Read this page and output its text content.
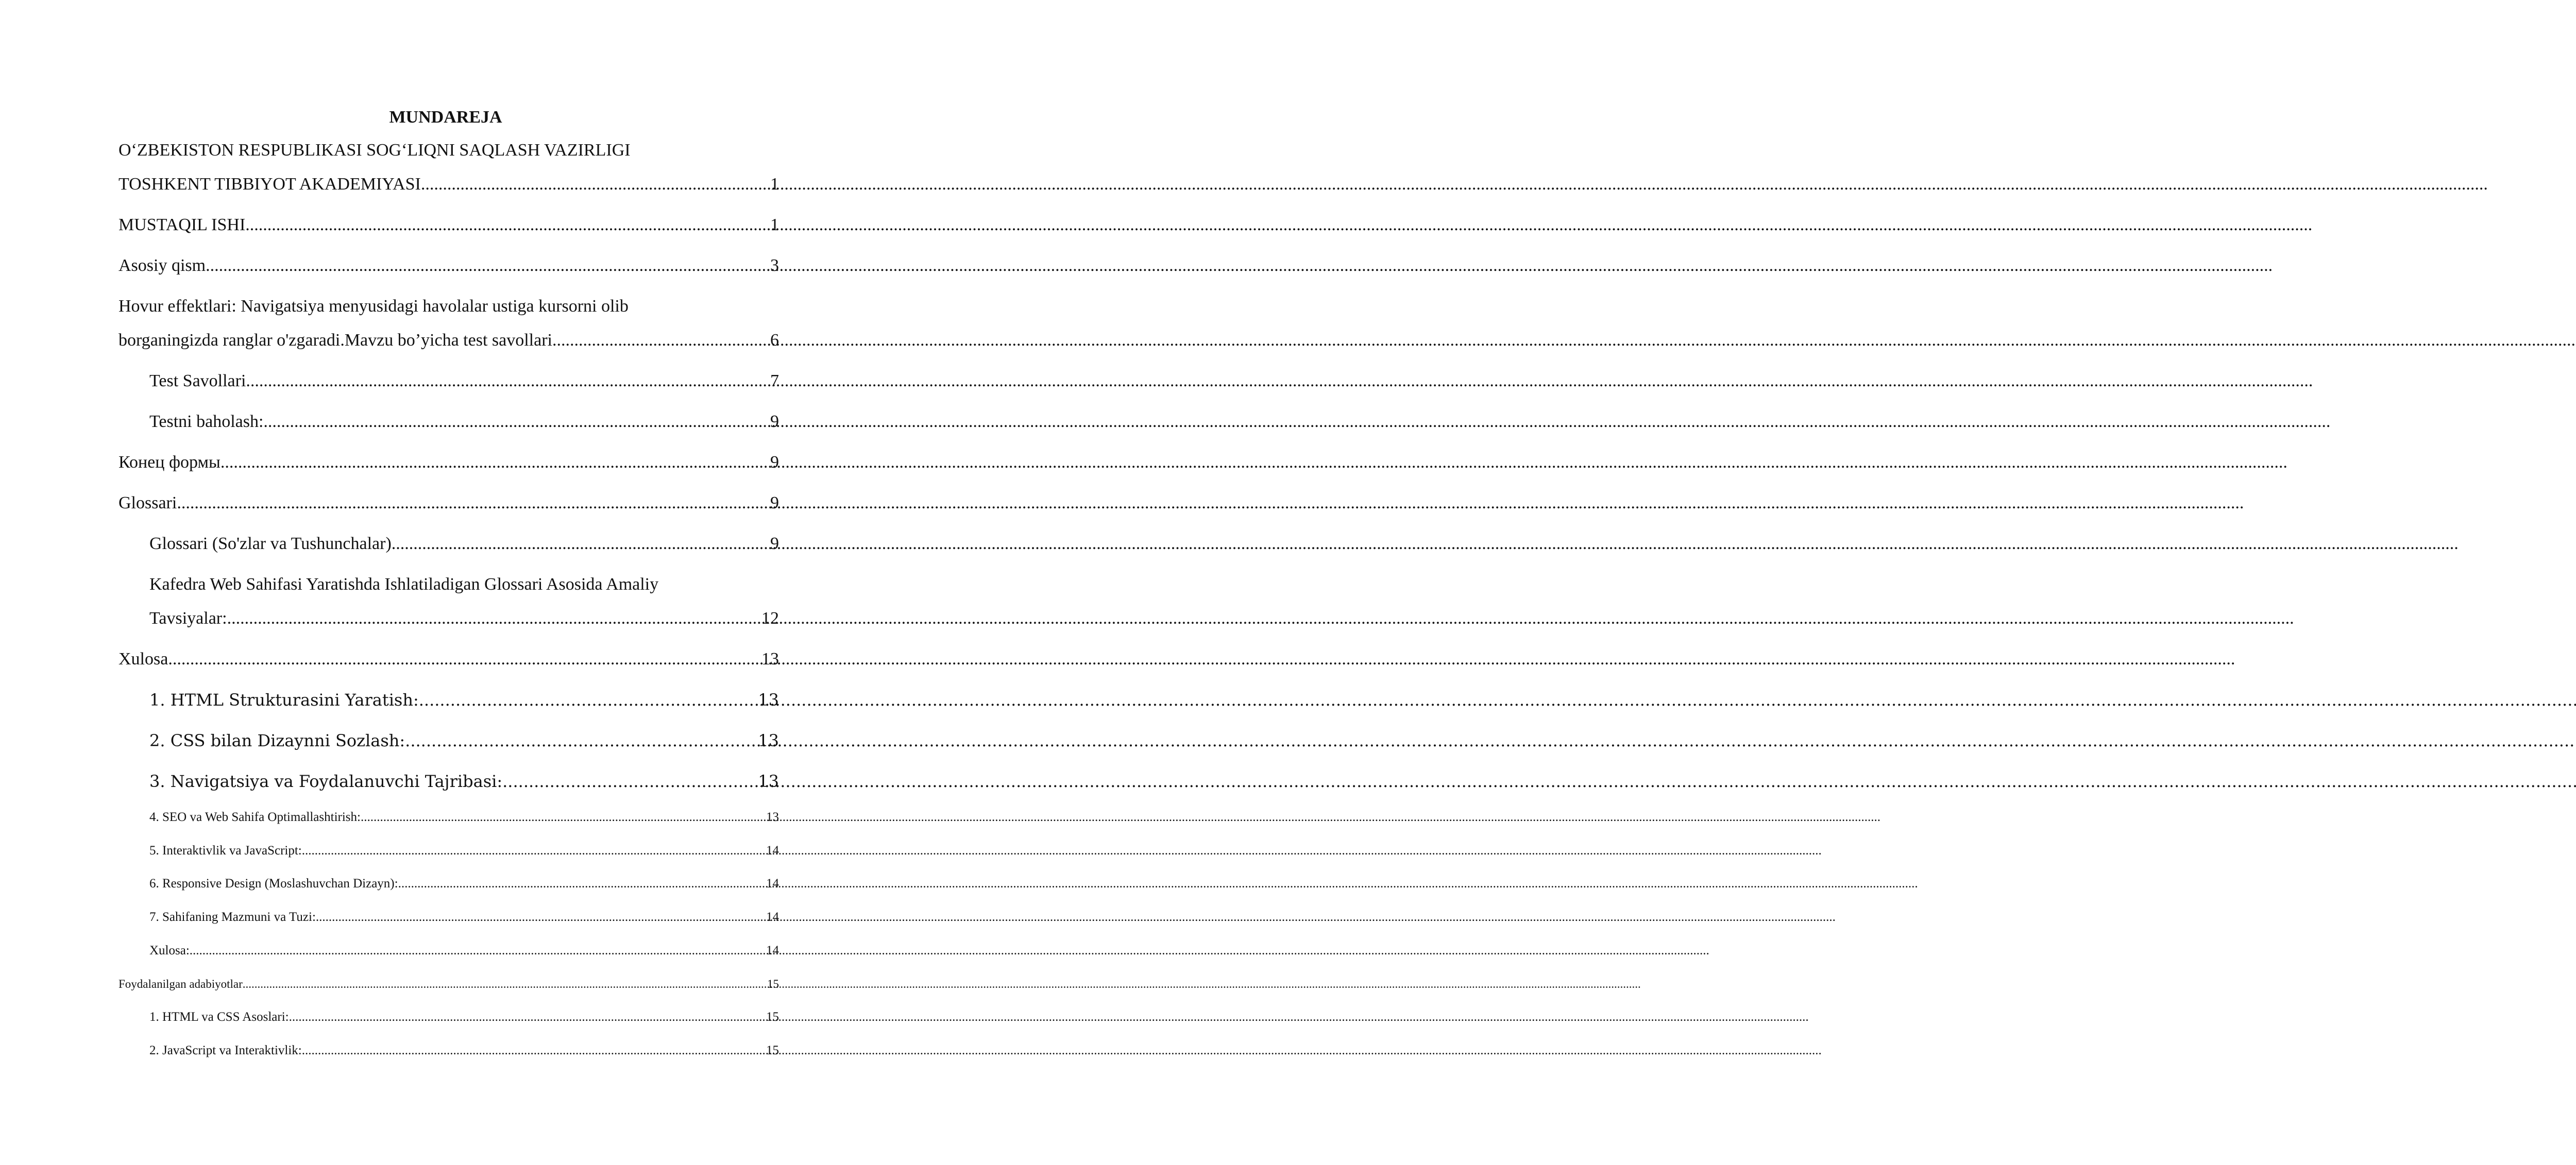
MUNDAREJA
O‘ZBEKISTON RESPUBLIKASI SOG‘LIQNI SAQLASH VAZIRLIGI
TOSHKENT TIBBIYOT AKADEMIYASI .....	1
MUSTAQIL ISHI .....	1
Asosiy qism .....	3
Hovur effektlari: Navigatsiya menyusidagi havolalar ustiga kursorni olib
borganingizda ranglar o'zgaradi.Mavzu bo’yicha test savollari .....	6
Test Savollari .....	7
Testni baholash: .....	9
Конец формы .....	9
Glossari .....	9
Glossari (So'zlar va Tushunchalar) .....	9
Kafedra Web Sahifasi Yaratishda Ishlatiladigan Glossari Asosida Amaliy
Tavsiyalar: .....	12
Xulosa .....	13
1. HTML Strukturasini Yaratish: .....	13
2. CSS bilan Dizaynni Sozlash: .....	13
3. Navigatsiya va Foydalanuvchi Tajribasi: .....	13
4. SEO va Web Sahifa Optimallashtirish: .....	13
5. Interaktivlik va JavaScript: .....	14
6. Responsive Design (Moslashuvchan Dizayn): .....	14
7. Sahifaning Mazmuni va Tuzi: .....	14
Xulosa: .....	14
Foydalanilgan adabiyotlar .....	15
1. HTML va CSS Asoslari: .....	15
2. JavaScript va Interaktivlik: .....	15
